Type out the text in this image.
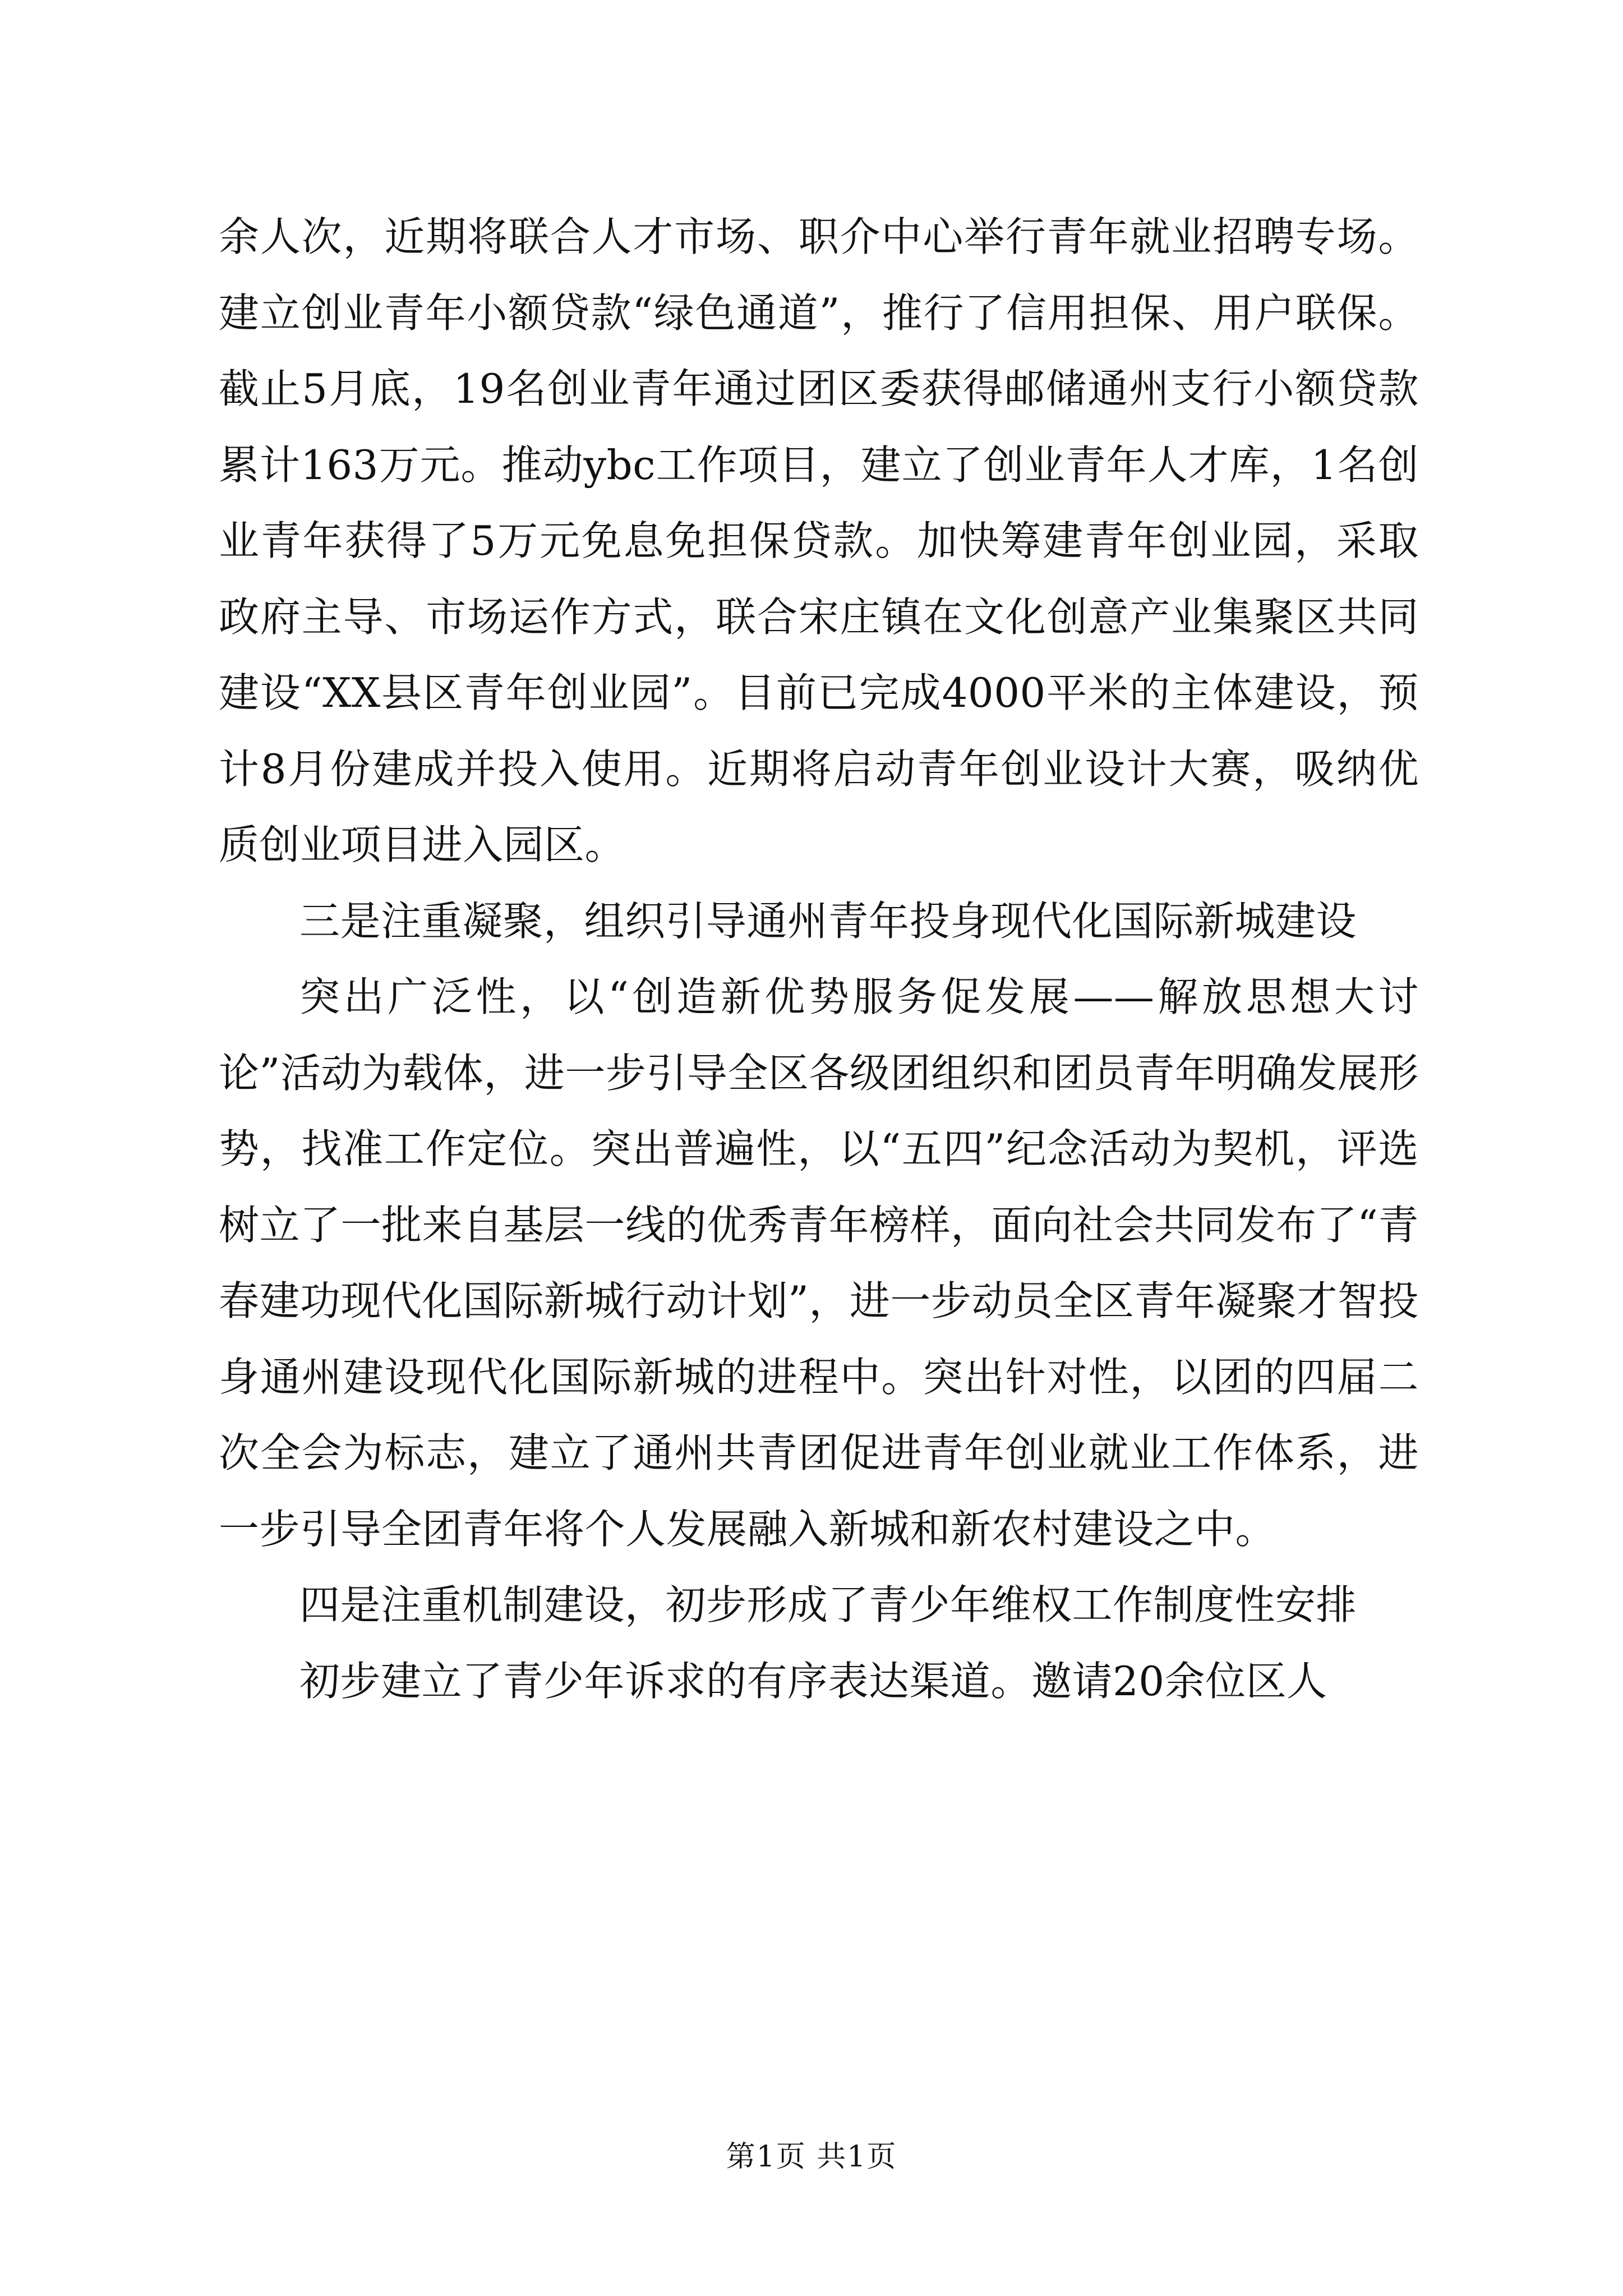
余人次，近期将联合人才市场、职介中心举行青年就业招聘专场。建立创业青年小额贷款“绿色通道”，推行了信用担保、用户联保。截止5月底，19名创业青年通过团区委获得邮储通州支行小额贷款累计163万元。推动ybc工作项目，建立了创业青年人才库，1名创业青年获得了5万元免息免担保贷款。加快筹建青年创业园，采取政府主导、市场运作方式，联合宋庄镇在文化创意产业集聚区共同建设“XX县区青年创业园”。目前已完成4000平米的主体建设，预计8月份建成并投入使用。近期将启动青年创业设计大赛，吸纳优质创业项目进入园区。

三是注重凝聚，组织引导通州青年投身现代化国际新城建设

突出广泛性，以“创造新优势服务促发展——解放思想大讨论”活动为载体，进一步引导全区各级团组织和团员青年明确发展形势，找准工作定位。突出普遍性，以“五四”纪念活动为契机，评选树立了一批来自基层一线的优秀青年榜样，面向社会共同发布了“青春建功现代化国际新城行动计划”，进一步动员全区青年凝聚才智投身通州建设现代化国际新城的进程中。突出针对性，以团的四届二次全会为标志，建立了通州共青团促进青年创业就业工作体系，进一步引导全团青年将个人发展融入新城和新农村建设之中。

四是注重机制建设，初步形成了青少年维权工作制度性安排

初步建立了青少年诉求的有序表达渠道。邀请20余位区人

第1页 共1页
